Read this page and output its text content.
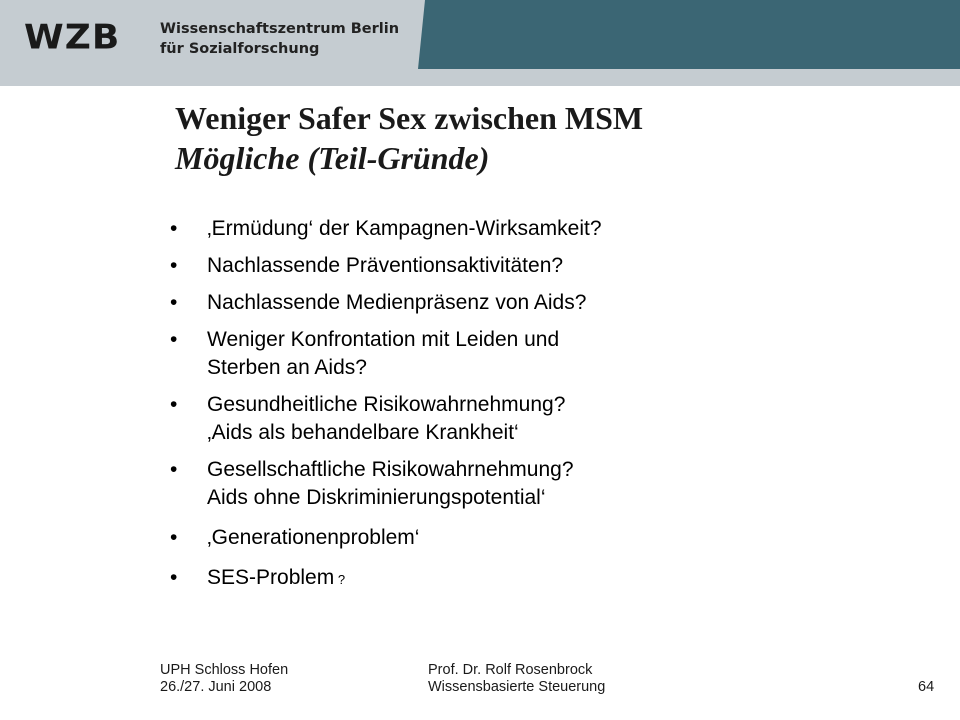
WZB	Wissenschaftszentrum Berlin
für Sozialforschung
Weniger Safer Sex zwischen MSM
Mögliche (Teil-Gründe)
• ‚Ermüdung‘ der Kampagnen-Wirksamkeit?
• Nachlassende Präventionsaktivitäten?
• Nachlassende Medienpräsenz von Aids?
• Weniger Konfrontation mit Leiden und
Sterben an Aids?
• Gesundheitliche Risikowahrnehmung?
‚Aids als behandelbare Krankheit‘
• Gesellschaftliche Risikowahrnehmung?
Aids ohne Diskriminierungspotential‘
• ‚Generationenproblem‘
• SES-Problem ?
UPH Schloss Hofen
26./27. Juni 2008
Prof. Dr. Rolf Rosenbrock
Wissensbasierte Steuerung	64
